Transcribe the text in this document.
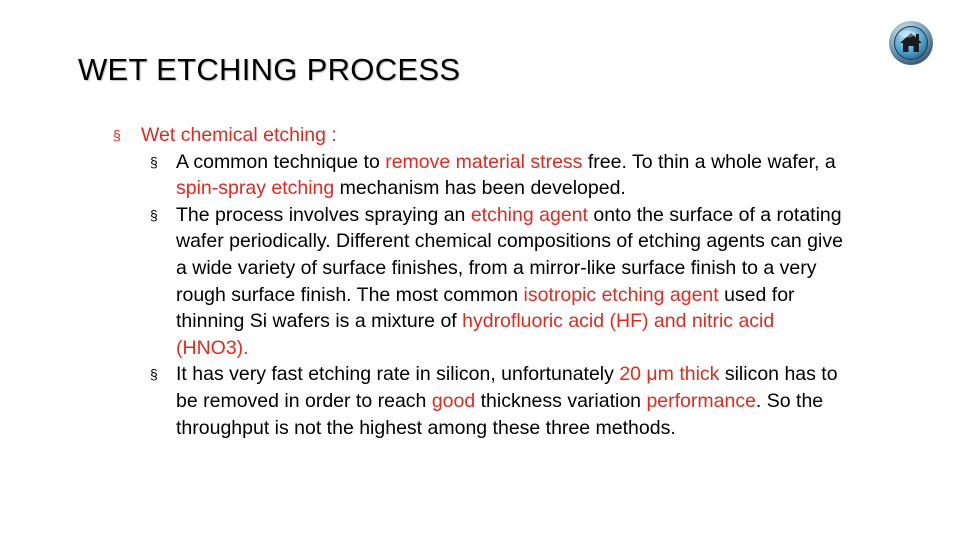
WET ETCHING PROCESS
§ Wet chemical etching :
§ A common technique to remove material stress free. To thin a whole wafer, a spin-spray etching mechanism has been developed.
§ The process involves spraying an etching agent onto the surface of a rotating wafer periodically. Different chemical compositions of etching agents can give a wide variety of surface finishes, from a mirror-like surface finish to a very rough surface finish. The most common isotropic etching agent used for thinning Si wafers is a mixture of hydrofluoric acid (HF) and nitric acid (HNO3).
§ It has very fast etching rate in silicon, unfortunately 20 μm thick silicon has to be removed in order to reach good thickness variation performance. So the throughput is not the highest among these three methods.
